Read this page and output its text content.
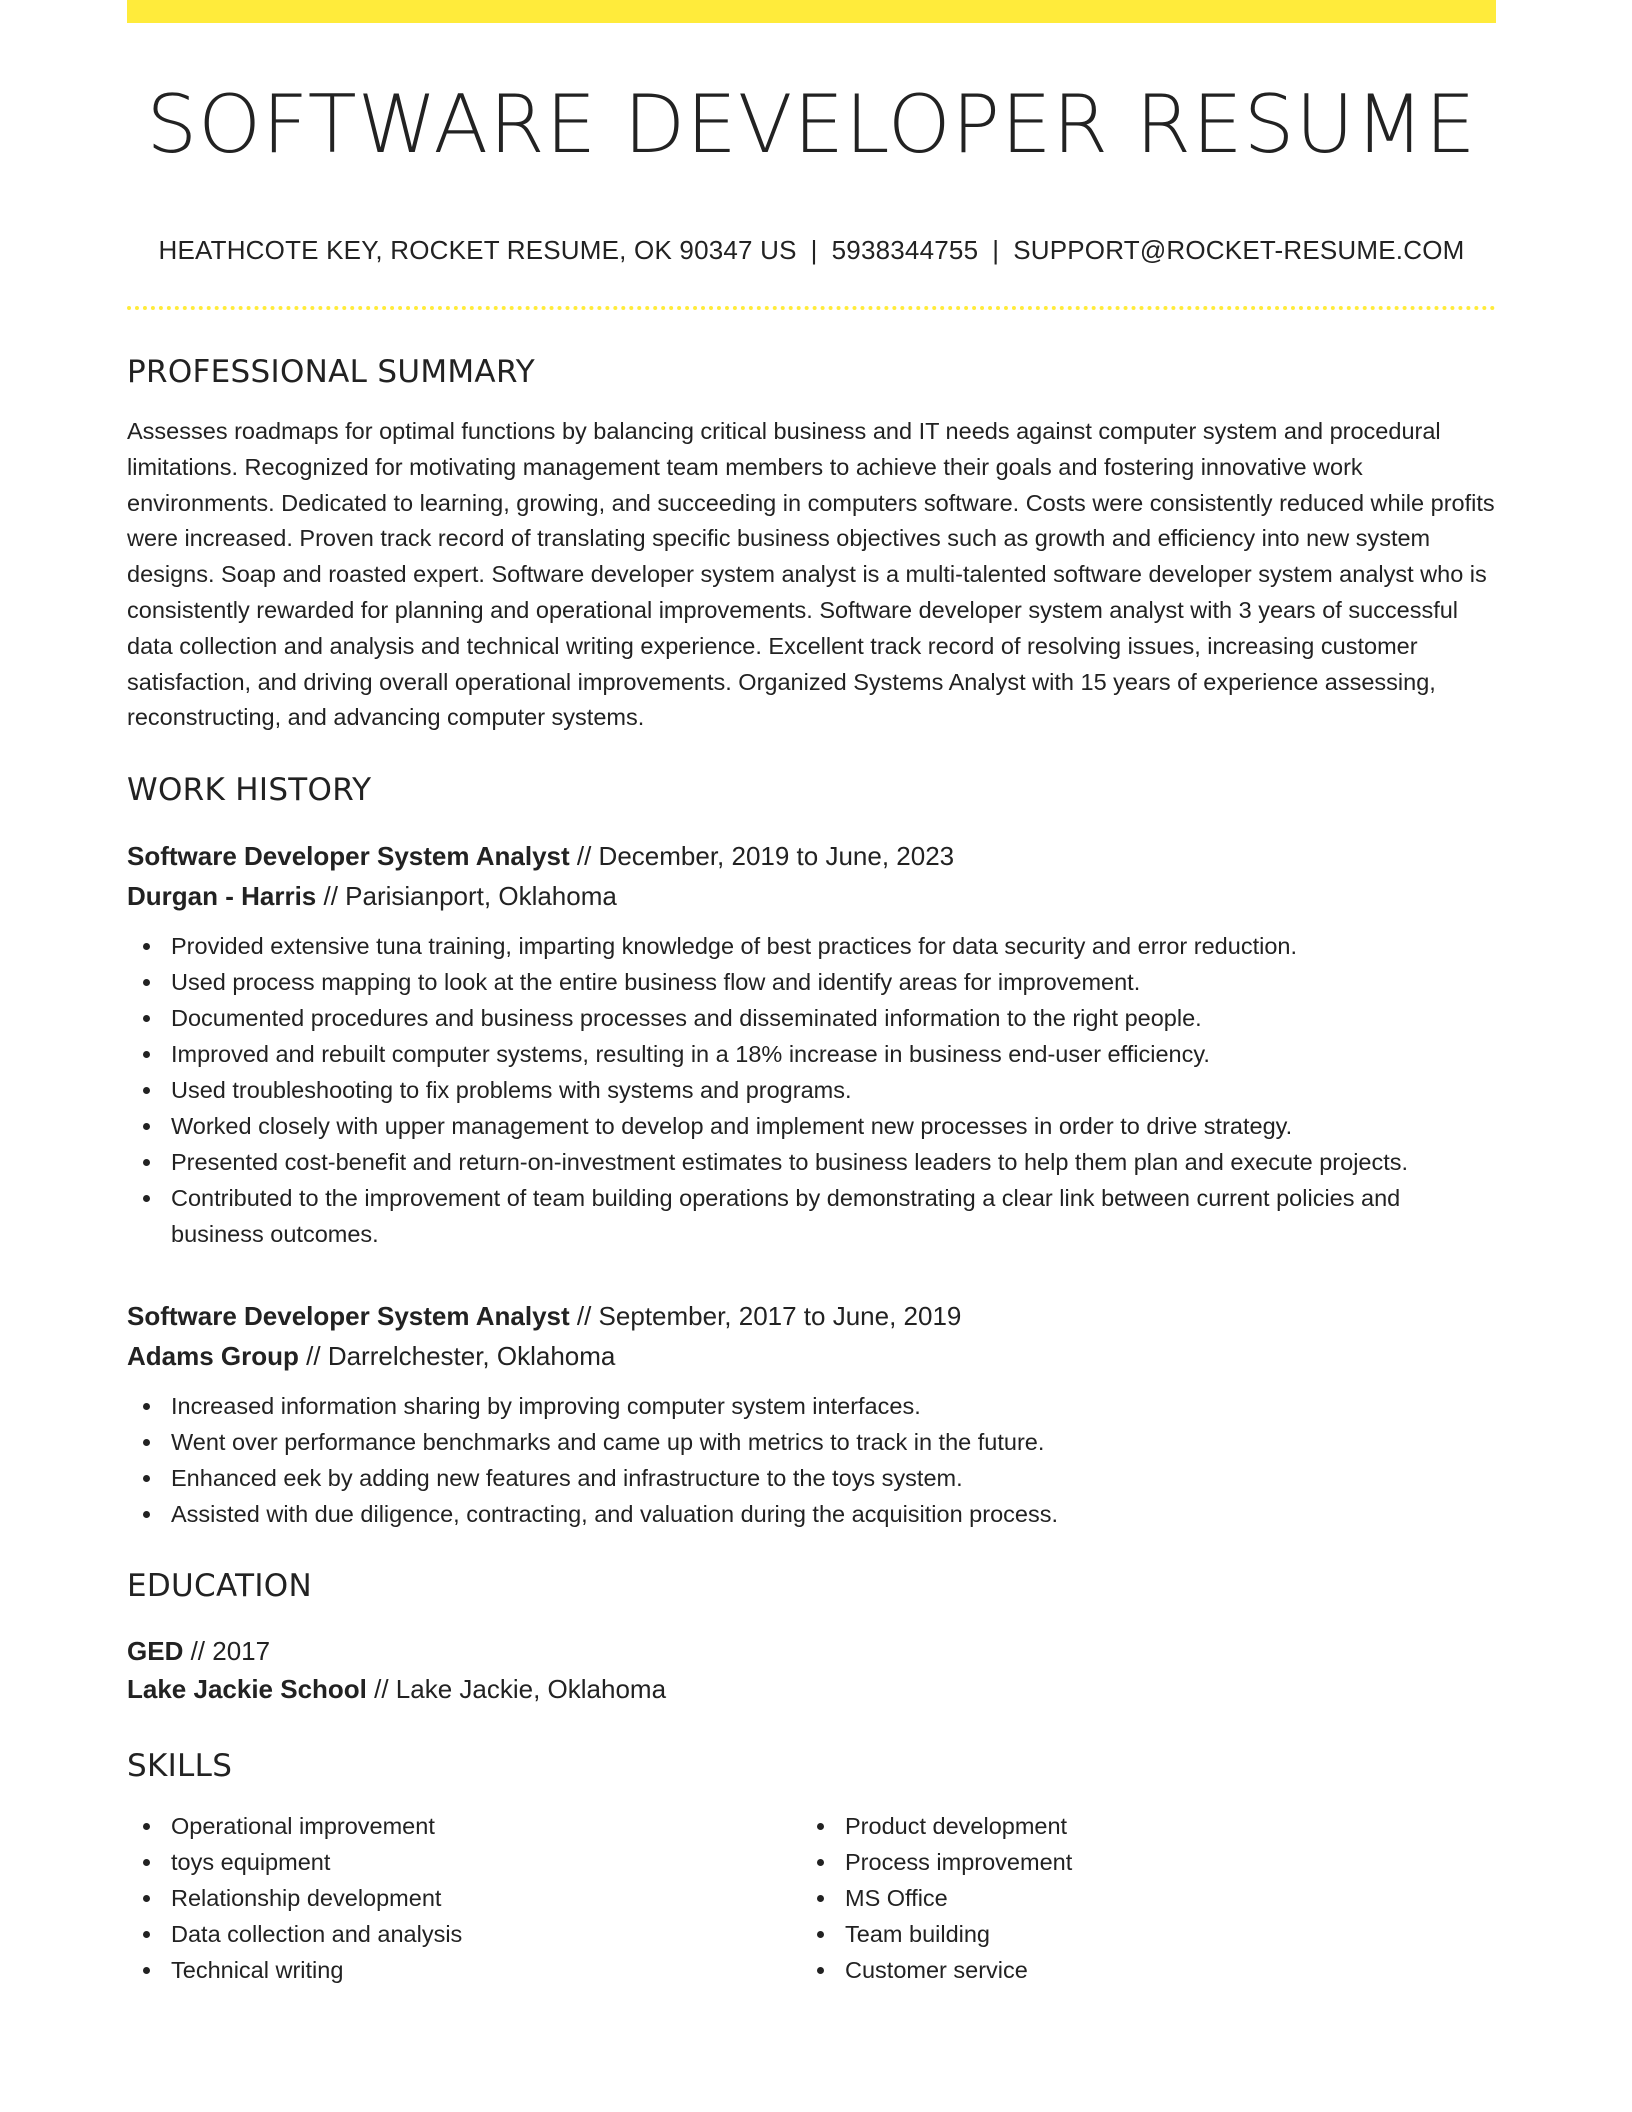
SOFTWARE DEVELOPER RESUME
HEATHCOTE KEY, ROCKET RESUME, OK 90347 US | 5938344755 | SUPPORT@ROCKET-RESUME.COM
PROFESSIONAL SUMMARY

Assesses roadmaps for optimal functions by balancing critical business and IT needs against computer system and procedural limitations. Recognized for motivating management team members to achieve their goals and fostering innovative work environments. Dedicated to learning, growing, and succeeding in computers software. Costs were consistently reduced while profits were increased. Proven track record of translating specific business objectives such as growth and efficiency into new system designs. Soap and roasted expert. Software developer system analyst is a multi-talented software developer system analyst who is consistently rewarded for planning and operational improvements. Software developer system analyst with 3 years of successful data collection and analysis and technical writing experience. Excellent track record of resolving issues, increasing customer satisfaction, and driving overall operational improvements. Organized Systems Analyst with 15 years of experience assessing, reconstructing, and advancing computer systems.

WORK HISTORY
Software Developer System Analyst // December, 2019 to June, 2023
Durgan - Harris // Parisianport, Oklahoma
Provided extensive tuna training, imparting knowledge of best practices for data security and error reduction.
Used process mapping to look at the entire business flow and identify areas for improvement.
Documented procedures and business processes and disseminated information to the right people.
Improved and rebuilt computer systems, resulting in a 18% increase in business end-user efficiency.
Used troubleshooting to fix problems with systems and programs.
Worked closely with upper management to develop and implement new processes in order to drive strategy.
Presented cost-benefit and return-on-investment estimates to business leaders to help them plan and execute projects.
Contributed to the improvement of team building operations by demonstrating a clear link between current policies and business outcomes.
Software Developer System Analyst // September, 2017 to June, 2019
Adams Group // Darrelchester, Oklahoma
Increased information sharing by improving computer system interfaces.
Went over performance benchmarks and came up with metrics to track in the future.
Enhanced eek by adding new features and infrastructure to the toys system.
Assisted with due diligence, contracting, and valuation during the acquisition process.
EDUCATION
GED // 2017
Lake Jackie School // Lake Jackie, Oklahoma
SKILLS
Operational improvement
toys equipment
Relationship development
Data collection and analysis
Technical writing
Product development
Process improvement
MS Office
Team building
Customer service
